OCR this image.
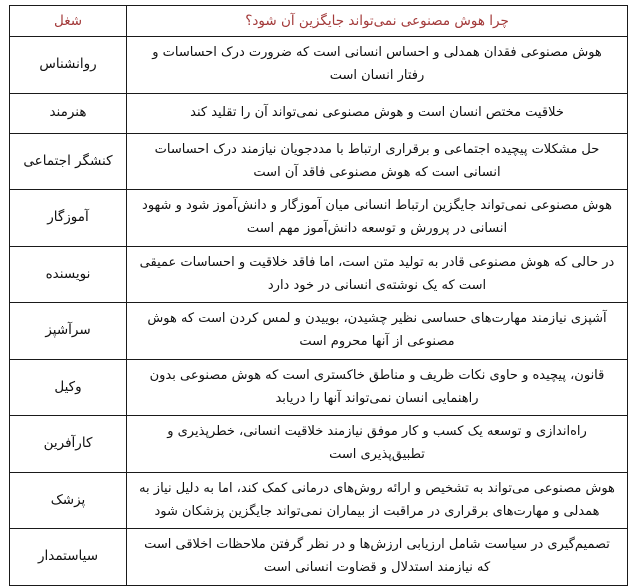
چرا هوش مصنوعی نمی‌تواند جایگزین آن شود؟	شغل
هوش مصنوعی فقدان همدلی و احساس انسانی است که ضرورت درک احساسات و رفتار انسان است	روانشناس
خلاقیت مختص انسان است و هوش مصنوعی نمی‌تواند آن را تقلید کند	هنرمند
حل مشکلات پیچیده اجتماعی و برقراری ارتباط با مددجویان نیازمند درک احساسات انسانی است که هوش مصنوعی فاقد آن است	کنشگر اجتماعی
هوش مصنوعی نمی‌تواند جایگزین ارتباط انسانی میان آموزگار و دانش‌آموز شود و شهود انسانی در پرورش و توسعه دانش‌آموز مهم است	آموزگار
در حالی که هوش مصنوعی قادر به تولید متن است، اما فاقد خلاقیت و احساسات عمیقی است که یک نوشته‌ی انسانی در خود دارد	نویسنده
آشپزی نیازمند مهارت‌های حساسی نظیر چشیدن، بوییدن و لمس کردن است که هوش مصنوعی از آنها محروم است	سرآشپز
قانون، پیچیده و حاوی نکات ظریف و مناطق خاکستری است که هوش مصنوعی بدون راهنمایی انسان نمی‌تواند آنها را دریابد	وکیل
راه‌اندازی و توسعه یک کسب و کار موفق نیازمند خلاقیت انسانی، خطرپذیری و تطبیق‌پذیری است	کارآفرین
هوش مصنوعی می‌تواند به تشخیص و ارائه روش‌های درمانی کمک کند، اما به دلیل نیاز به همدلی و مهارت‌های برقراری در مراقبت از بیماران نمی‌تواند جایگزین پزشکان شود	پزشک
تصمیم‌گیری در سیاست شامل ارزیابی ارزش‌ها و در نظر گرفتن ملاحظات اخلاقی است که نیازمند استدلال و قضاوت انسانی است	سیاستمدار
